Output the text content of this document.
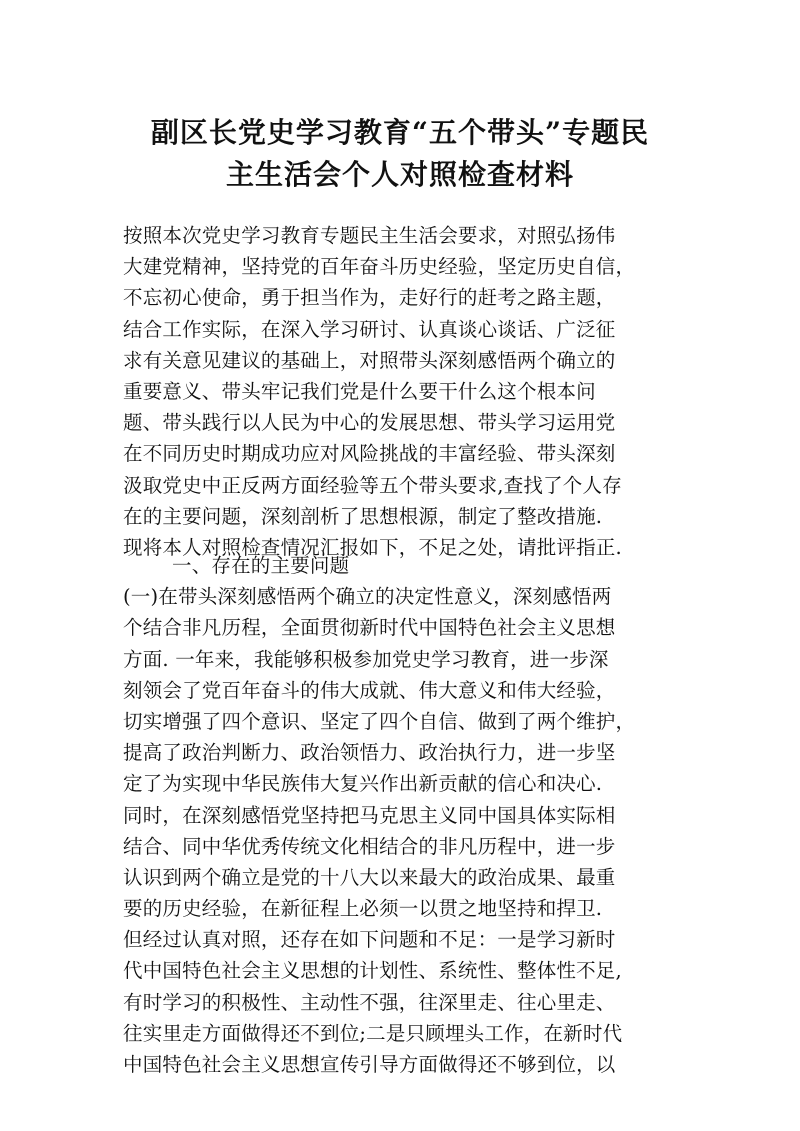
副区长党史学习教育“五个带头”专题民
主生活会个人对照检查材料
按照本次党史学习教育专题民主生活会要求，对照弘扬伟
大建党精神，坚持党的百年奋斗历史经验，坚定历史自信，
不忘初心使命，勇于担当作为，走好行的赶考之路主题，
结合工作实际，在深入学习研讨、认真谈心谈话、广泛征
求有关意见建议的基础上，对照带头深刻感悟两个确立的
重要意义、带头牢记我们党是什么要干什么这个根本问
题、带头践行以人民为中心的发展思想、带头学习运用党
在不同历史时期成功应对风险挑战的丰富经验、带头深刻
汲取党史中正反两方面经验等五个带头要求,查找了个人存
在的主要问题，深刻剖析了思想根源，制定了整改措施.
现将本人对照检查情况汇报如下，不足之处，请批评指正.
一、存在的主要问题
(一)在带头深刻感悟两个确立的决定性意义，深刻感悟两
个结合非凡历程，全面贯彻新时代中国特色社会主义思想
方面. 一年来，我能够积极参加党史学习教育，进一步深
刻领会了党百年奋斗的伟大成就、伟大意义和伟大经验，
切实增强了四个意识、坚定了四个自信、做到了两个维护，
提高了政治判断力、政治领悟力、政治执行力，进一步坚
定了为实现中华民族伟大复兴作出新贡献的信心和决心.
同时，在深刻感悟党坚持把马克思主义同中国具体实际相
结合、同中华优秀传统文化相结合的非凡历程中，进一步
认识到两个确立是党的十八大以来最大的政治成果、最重
要的历史经验，在新征程上必须一以贯之地坚持和捍卫.
但经过认真对照，还存在如下问题和不足：一是学习新时
代中国特色社会主义思想的计划性、系统性、整体性不足,
有时学习的积极性、主动性不强，往深里走、往心里走、
往实里走方面做得还不到位;二是只顾埋头工作，在新时代
中国特色社会主义思想宣传引导方面做得还不够到位，以
